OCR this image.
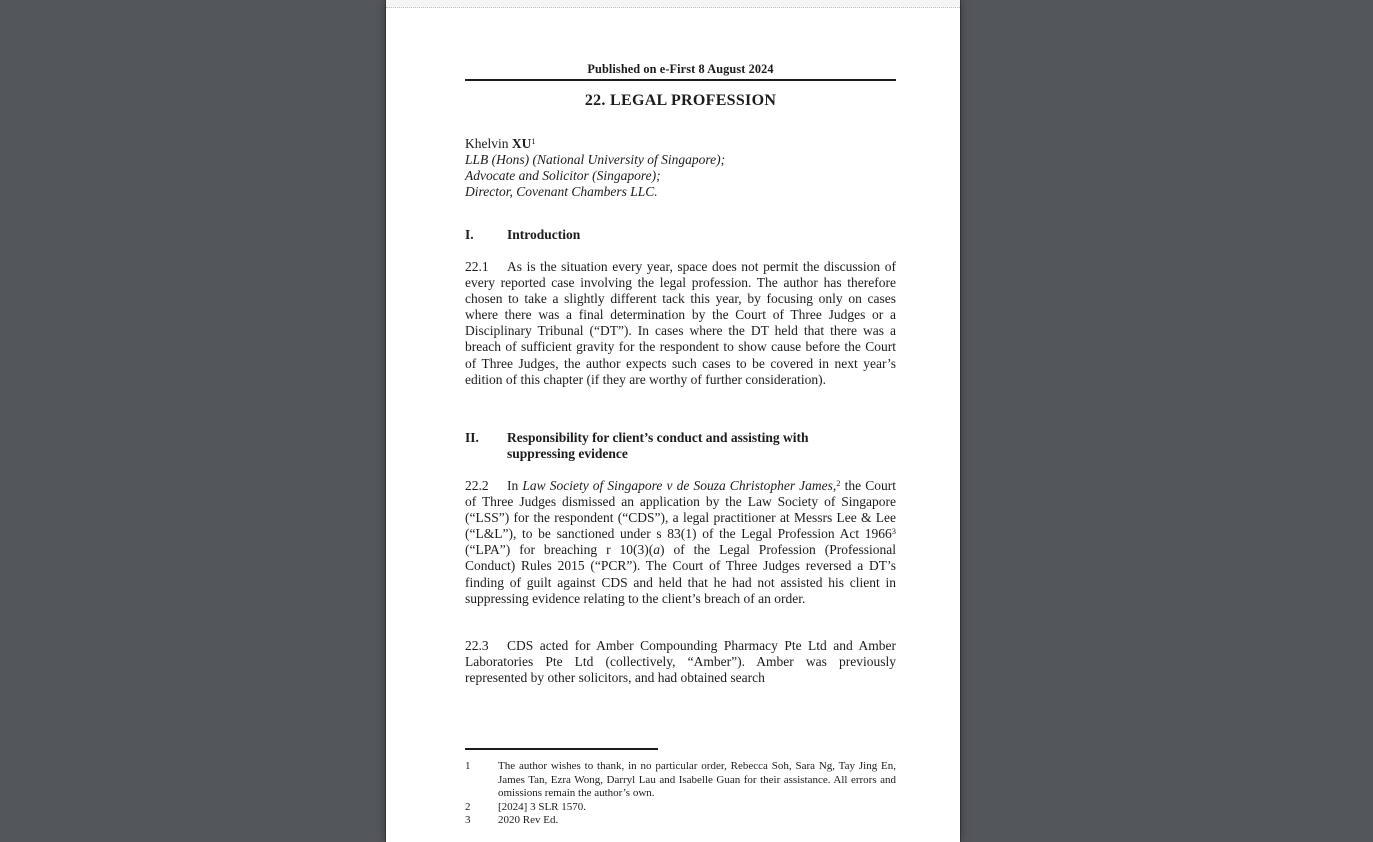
Published on e-First 8 August 2024
22. LEGAL PROFESSION
Khelvin XU$^1$
LLB (Hons) (National University of Singapore);
Advocate and Solicitor (Singapore);
Director, Covenant Chambers LLC.
I. Introduction
22.1 As is the situation every year, space does not permit the discussion of every reported case involving the legal profession. The author has therefore chosen to take a slightly different tack this year, by focusing only on cases where there was a final determination by the Court of Three Judges or a Disciplinary Tribunal (“DT”). In cases where the DT held that there was a breach of sufficient gravity for the respondent to show cause before the Court of Three Judges, the author expects such cases to be covered in next year’s edition of this chapter (if they are worthy of further consideration).
II. Responsibility for client’s conduct and assisting with suppressing evidence
22.2 In Law Society of Singapore v de Souza Christopher James,$^2$ the Court of Three Judges dismissed an application by the Law Society of Singapore (“LSS”) for the respondent (“CDS”), a legal practitioner at Messrs Lee & Lee (“L&L”), to be sanctioned under s 83(1) of the Legal Profession Act 1966$^3$ (“LPA”) for breaching r 10(3)(a) of the Legal Profession (Professional Conduct) Rules 2015 (“PCR”). The Court of Three Judges reversed a DT’s finding of guilt against CDS and held that he had not assisted his client in suppressing evidence relating to the client’s breach of an order.
22.3 CDS acted for Amber Compounding Pharmacy Pte Ltd and Amber Laboratories Pte Ltd (collectively, “Amber”). Amber was previously represented by other solicitors, and had obtained search
1	The author wishes to thank, in no particular order, Rebecca Soh, Sara Ng, Tay Jing En, James Tan, Ezra Wong, Darryl Lau and Isabelle Guan for their assistance. All errors and omissions remain the author’s own.
2	[2024] 3 SLR 1570.
3	2020 Rev Ed.
